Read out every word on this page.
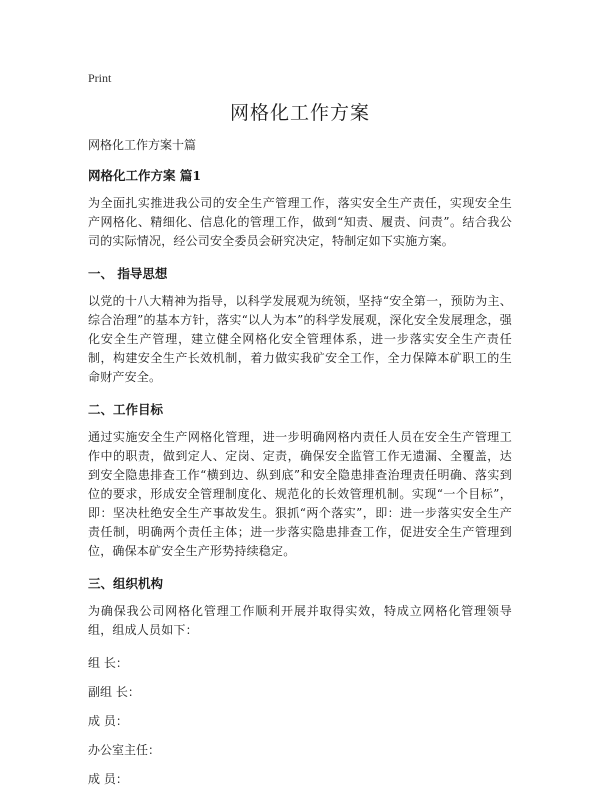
Print
网格化工作方案

网格化工作方案十篇

网格化工作方案 篇1

为全面扎实推进我公司的安全生产管理工作，落实安全生产责任，实现安全生产网格化、精细化、信息化的管理工作，做到“知责、履责、问责”。结合我公司的实际情况，经公司安全委员会研究决定，特制定如下实施方案。

一、 指导思想

以党的十八大精神为指导，以科学发展观为统领，坚持“安全第一，预防为主、综合治理”的基本方针，落实“以人为本”的科学发展观，深化安全发展理念，强化安全生产管理，建立健全网格化安全管理体系，进一步落实安全生产责任制，构建安全生产长效机制，着力做实我矿安全工作，全力保障本矿职工的生命财产安全。

二、工作目标

通过实施安全生产网格化管理，进一步明确网格内责任人员在安全生产管理工作中的职责，做到定人、定岗、定责，确保安全监管工作无遗漏、全覆盖，达到安全隐患排查工作“横到边、纵到底”和安全隐患排查治理责任明确、落实到位的要求，形成安全管理制度化、规范化的长效管理机制。实现“一个目标”，即：坚决杜绝安全生产事故发生。狠抓“两个落实”，即：进一步落实安全生产责任制，明确两个责任主体；进一步落实隐患排查工作，促进安全生产管理到位，确保本矿安全生产形势持续稳定。

三、组织机构

为确保我公司网格化管理工作顺利开展并取得实效，特成立网格化管理领导组，组成人员如下：

组 长：
副组 长：
成 员：
办公室主任：
成 员：
